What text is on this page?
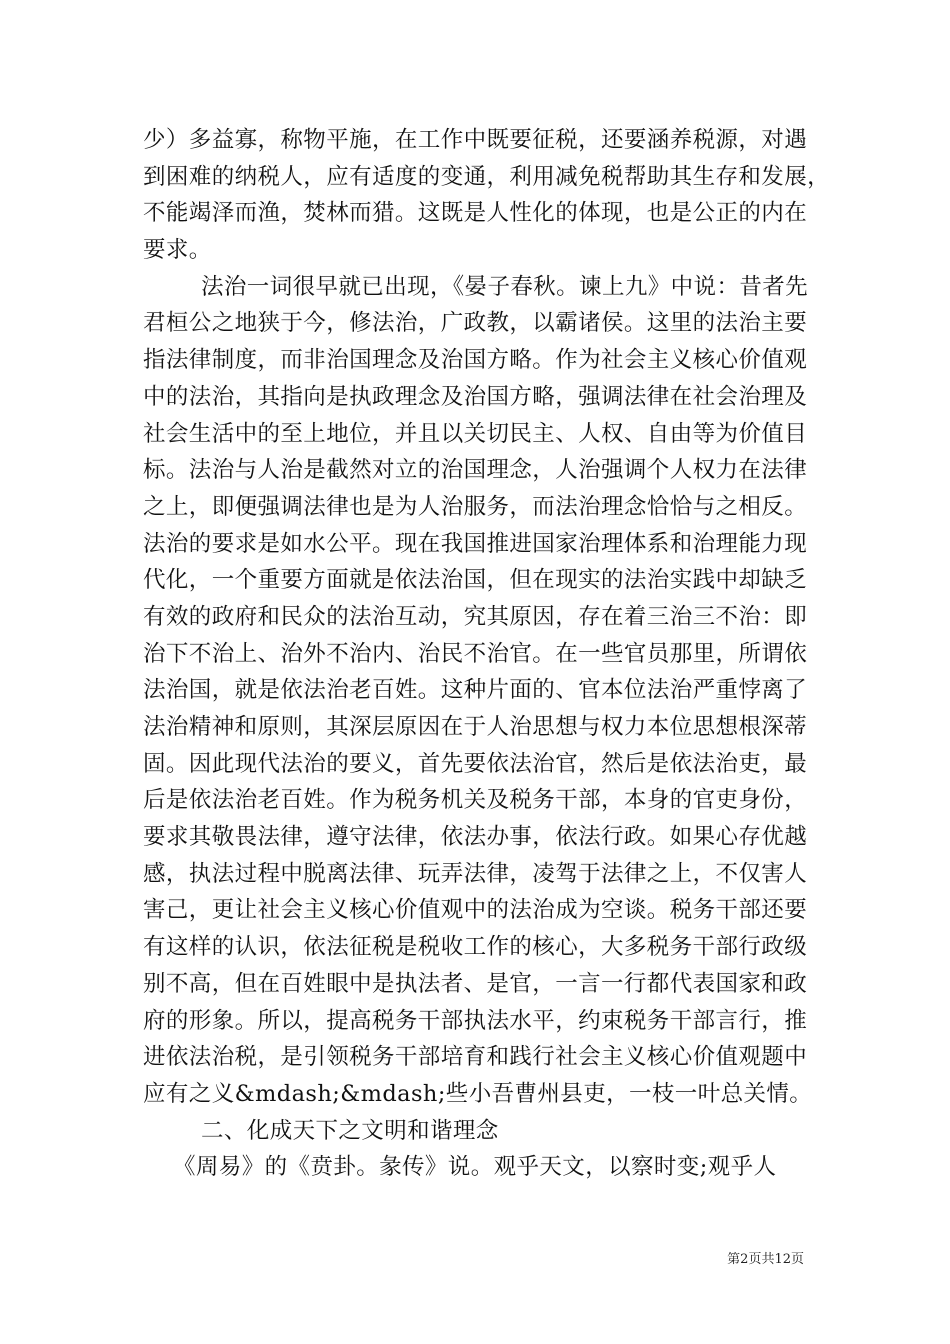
少）多益寡，称物平施，在工作中既要征税，还要涵养税源，对遇
到困难的纳税人，应有适度的变通，利用减免税帮助其生存和发展，
不能竭泽而渔，焚林而猎。这既是人性化的体现，也是公正的内在
要求。
法治一词很早就已出现，《晏子春秋。谏上九》中说：昔者先
君桓公之地狭于今，修法治，广政教，以霸诸侯。这里的法治主要
指法律制度，而非治国理念及治国方略。作为社会主义核心价值观
中的法治，其指向是执政理念及治国方略，强调法律在社会治理及
社会生活中的至上地位，并且以关切民主、人权、自由等为价值目
标。法治与人治是截然对立的治国理念，人治强调个人权力在法律
之上，即便强调法律也是为人治服务，而法治理念恰恰与之相反。
法治的要求是如水公平。现在我国推进国家治理体系和治理能力现
代化，一个重要方面就是依法治国，但在现实的法治实践中却缺乏
有效的政府和民众的法治互动，究其原因，存在着三治三不治：即
治下不治上、治外不治内、治民不治官。在一些官员那里，所谓依
法治国，就是依法治老百姓。这种片面的、官本位法治严重悖离了
法治精神和原则，其深层原因在于人治思想与权力本位思想根深蒂
固。因此现代法治的要义，首先要依法治官，然后是依法治吏，最
后是依法治老百姓。作为税务机关及税务干部，本身的官吏身份，
要求其敬畏法律，遵守法律，依法办事，依法行政。如果心存优越
感，执法过程中脱离法律、玩弄法律，凌驾于法律之上，不仅害人
害己，更让社会主义核心价值观中的法治成为空谈。税务干部还要
有这样的认识，依法征税是税收工作的核心，大多税务干部行政级
别不高，但在百姓眼中是执法者、是官，一言一行都代表国家和政
府的形象。所以，提高税务干部执法水平，约束税务干部言行，推
进依法治税，是引领税务干部培育和践行社会主义核心价值观题中
应有之义&mdash;&mdash;些小吾曹州县吏，一枝一叶总关情。
二、化成天下之文明和谐理念
《周易》的《贲卦。彖传》说。观乎天文，以察时变;观乎人
第2页共12页
